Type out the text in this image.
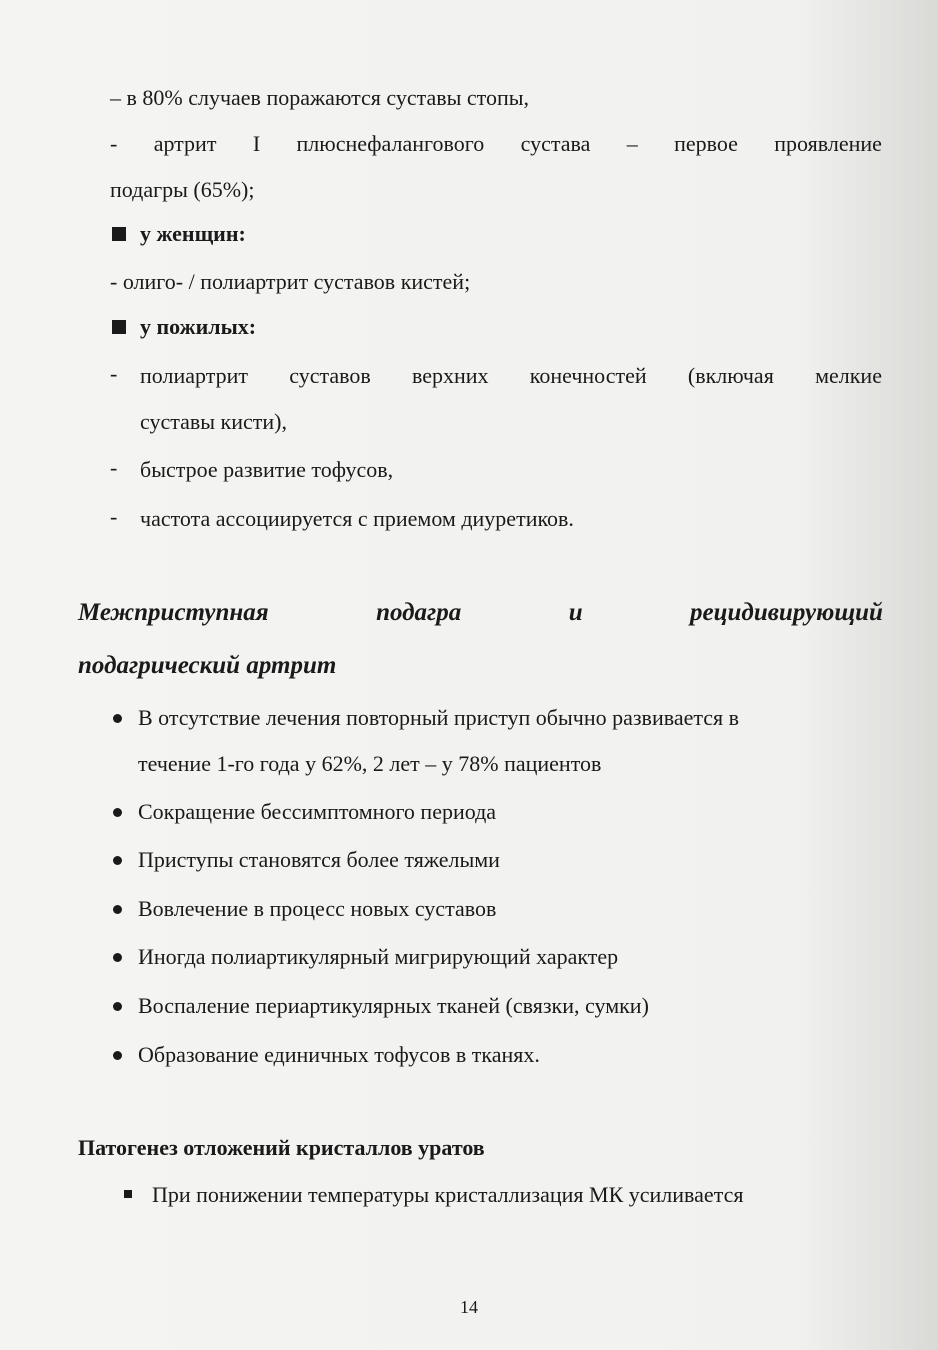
– в 80% случаев поражаются суставы стопы,
- артрит I плюснефалангового сустава – первое проявление
подагры (65%);
у женщин:
- олиго- / полиартрит суставов кистей;
у пожилых:
- полиартрит суставов верхних конечностей (включая мелкие
суставы кисти),
- быстрое развитие тофусов,
- частота ассоциируется с приемом диуретиков.
Межприступная	подагра	и	рецидивирующий
подагрический артрит
В отсутствие лечения повторный приступ обычно развивается в
течение 1-го года у 62%, 2 лет – у 78% пациентов
Сокращение бессимптомного периода
Приступы становятся более тяжелыми
Вовлечение в процесс новых суставов
Иногда полиартикулярный мигрирующий характер
Воспаление периартикулярных тканей (связки, сумки)
Образование единичных тофусов в тканях.
Патогенез отложений кристаллов уратов
При понижении температуры кристаллизация МК усиливается
14
